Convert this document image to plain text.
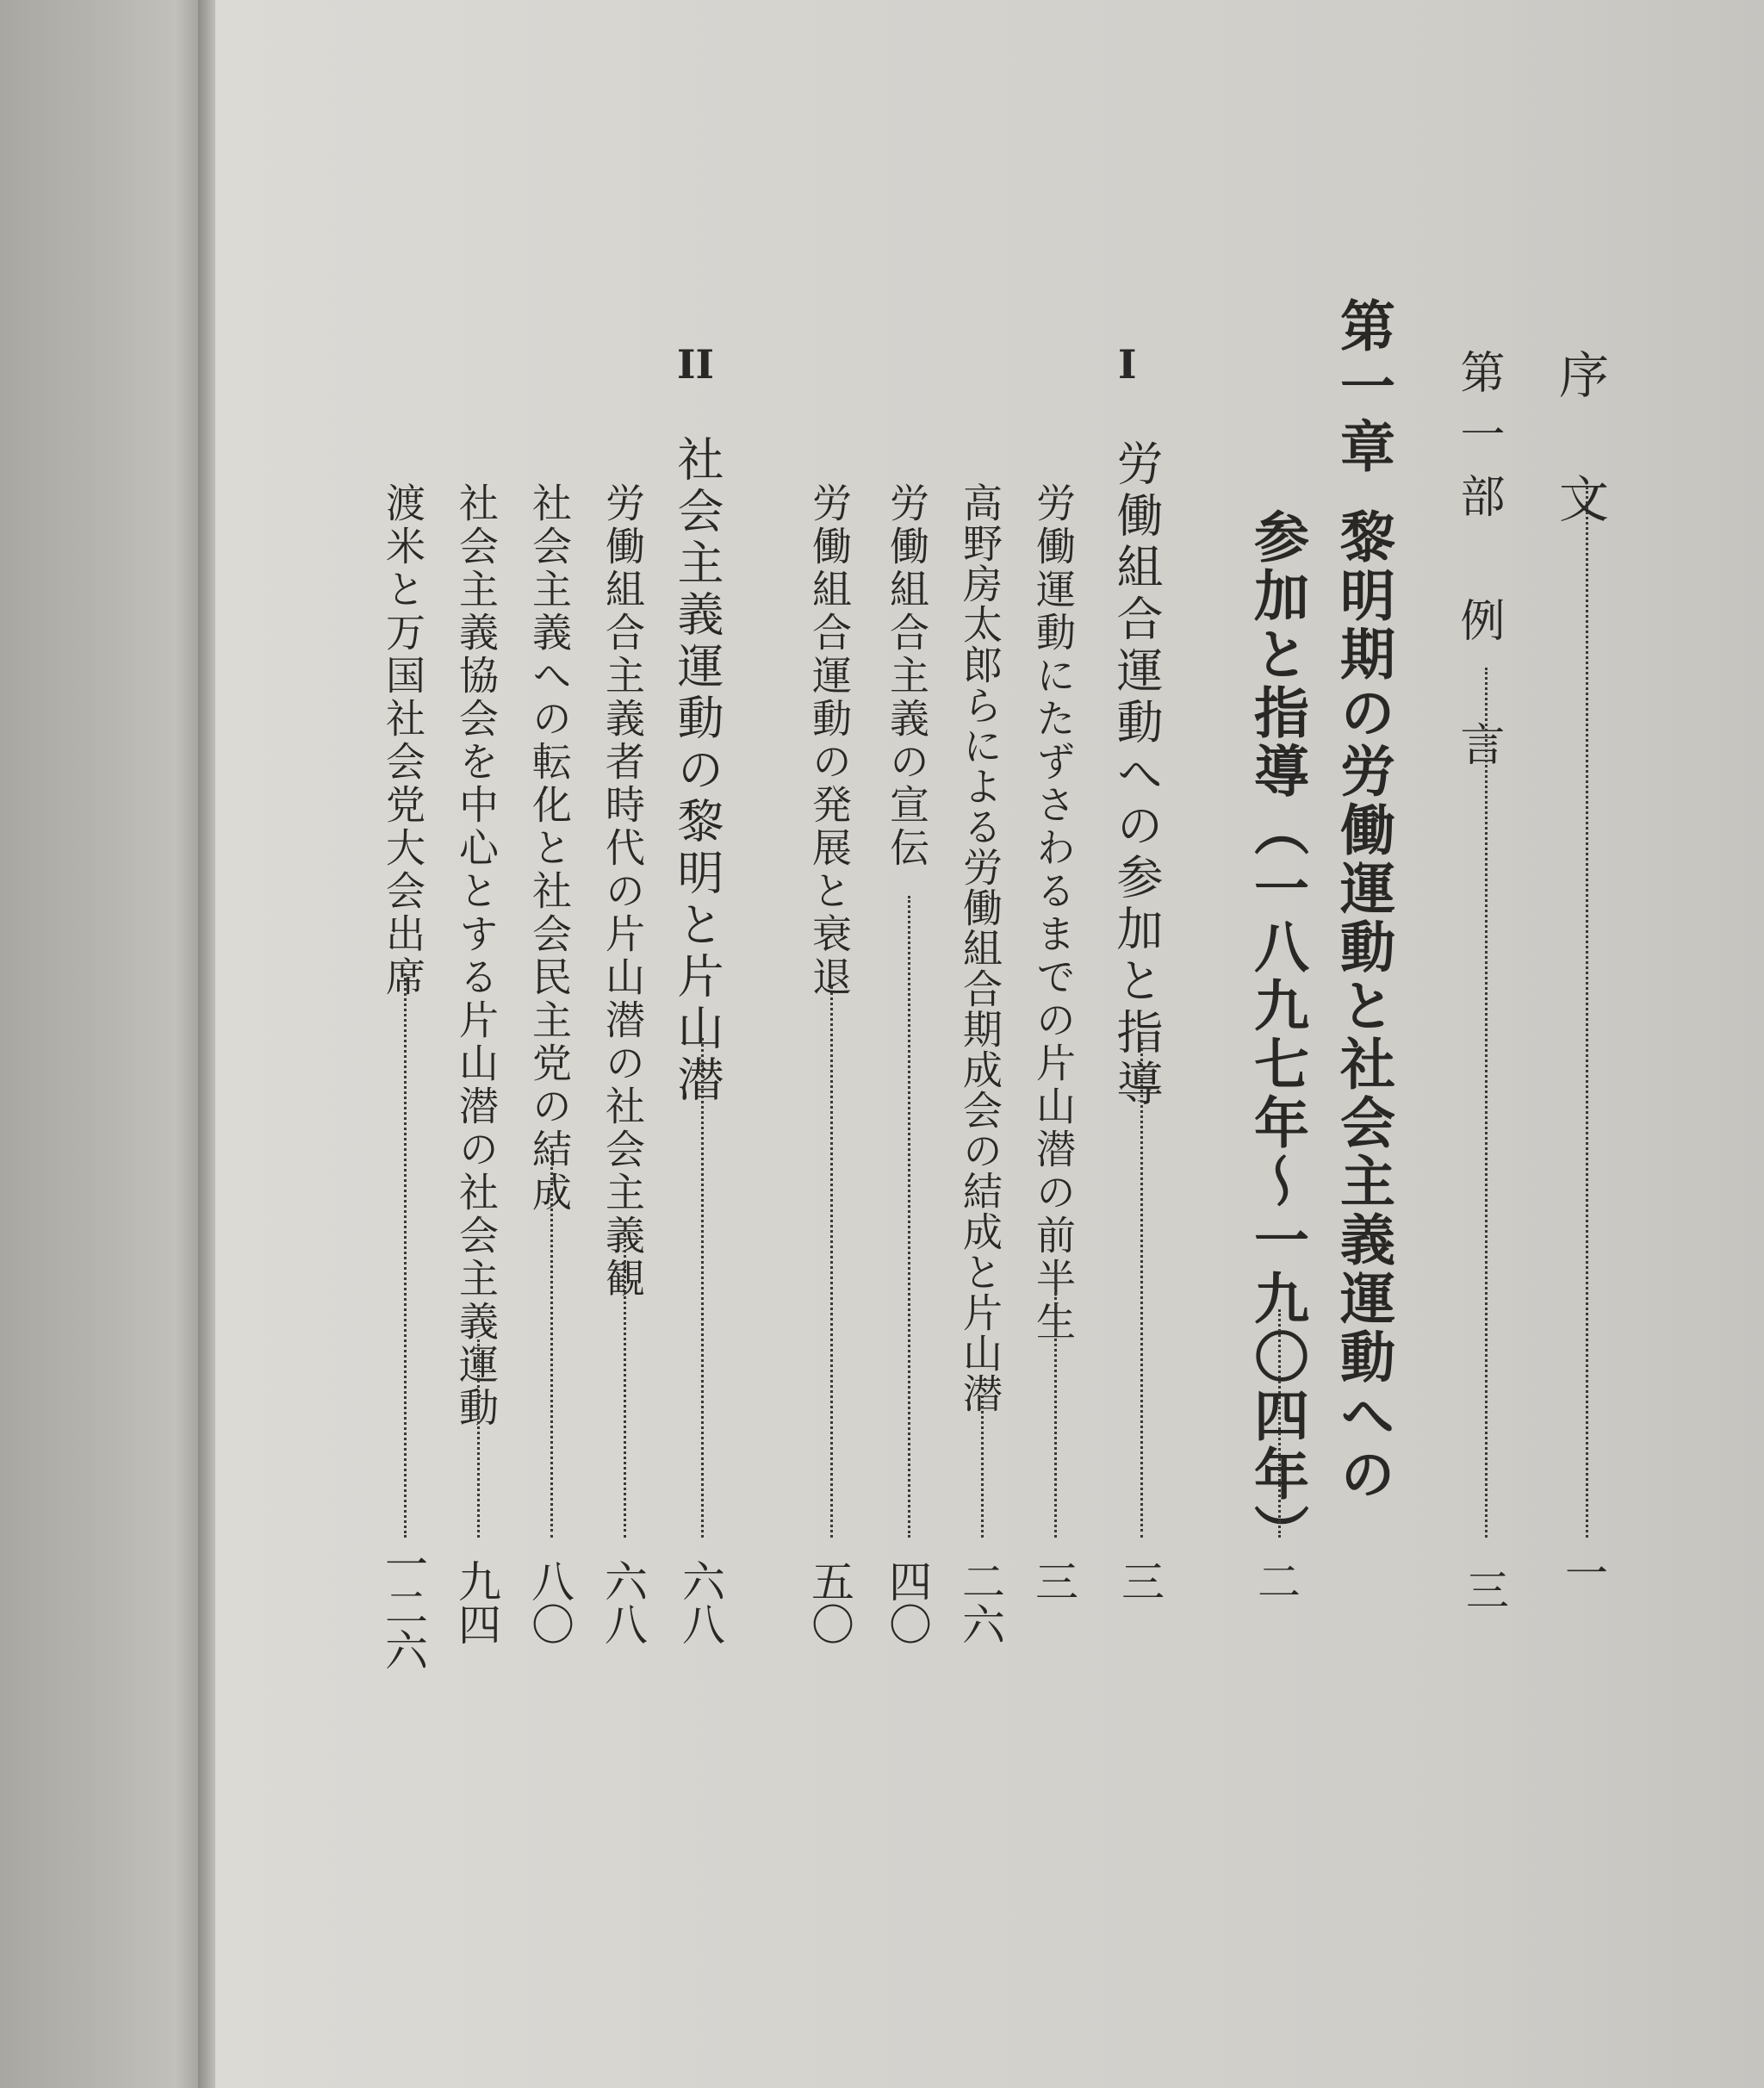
序　文
一
第一部　例　言
三
第一章
黎明期の労働運動と社会主義運動への
参加と指導（一八九七年〜一九〇四年）
二
I
労働組合運動への参加と指導
三
労働運動にたずさわるまでの片山潜の前半生
三
高野房太郎らによる労働組合期成会の結成と片山潜
二六
労働組合主義の宣伝
四〇
労働組合運動の発展と衰退
五〇
II
社会主義運動の黎明と片山潜
六八
労働組合主義者時代の片山潜の社会主義観
六八
社会主義への転化と社会民主党の結成
八〇
社会主義協会を中心とする片山潜の社会主義運動
九四
渡米と万国社会党大会出席
一二六
